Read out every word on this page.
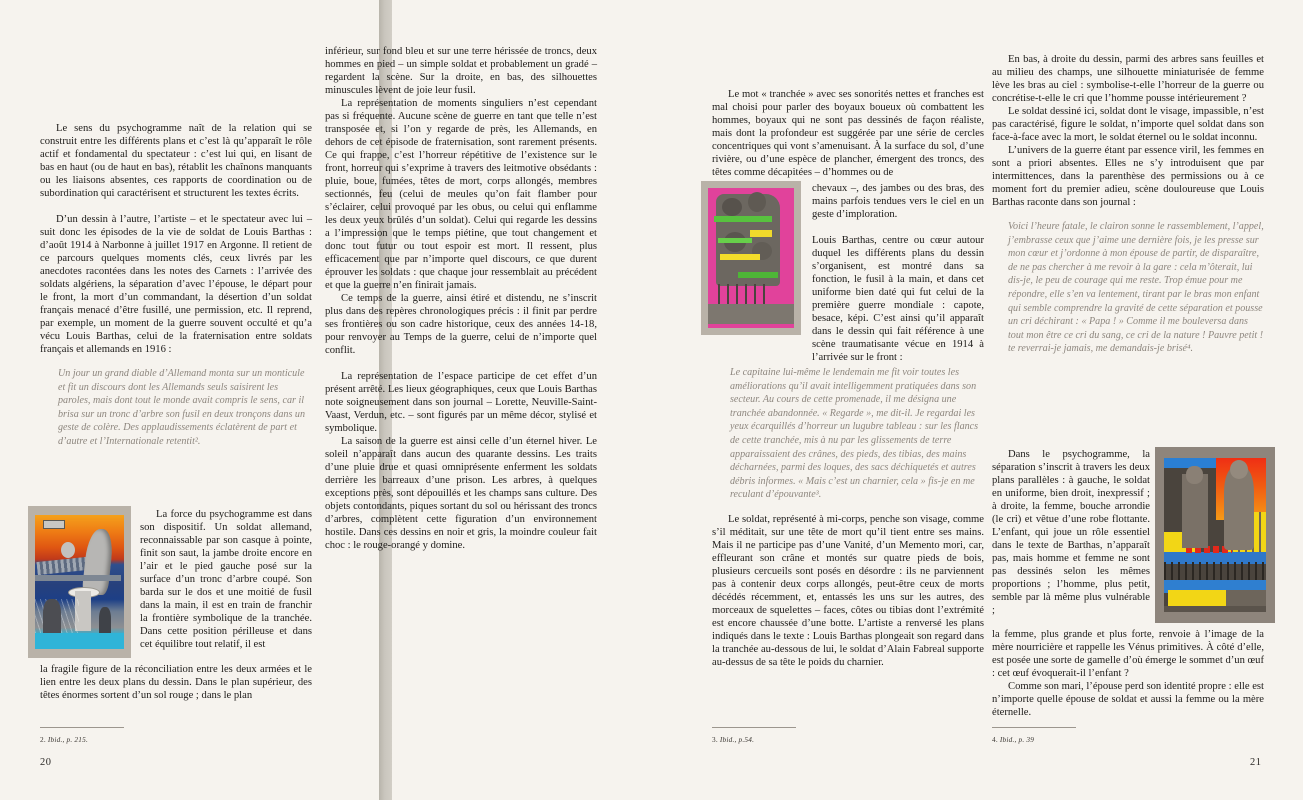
Le sens du psychogramme naît de la relation qui se construit entre les différents plans et c’est là qu’apparaît le rôle actif et fondamental du spectateur : c’est lui qui, en lisant de bas en haut (ou de haut en bas), rétablit les chaînons manquants ou les liaisons absentes, ces rapports de coordination ou de subordination qui caractérisent et structurent les textes écrits.

D’un dessin à l’autre, l’artiste – et le spectateur avec lui – suit donc les épisodes de la vie de soldat de Louis Barthas : d’août 1914 à Narbonne à juillet 1917 en Argonne. Il retient de ce parcours quelques moments clés, ceux livrés par les anecdotes racontées dans les notes des Carnets : l’arrivée des soldats algériens, la séparation d’avec l’épouse, le départ pour le front, la mort d’un commandant, la désertion d’un soldat français menacé d’être fusillé, une permission, etc. Il reprend, par exemple, un moment de la guerre souvent occulté et qu’a vécu Louis Barthas, celui de la fraternisation entre soldats français et allemands en 1916 :

Un jour un grand diable d’Allemand monta sur un monticule et fit un discours dont les Allemands seuls saisirent les paroles, mais dont tout le monde avait compris le sens, car il brisa sur un tronc d’arbre son fusil en deux tronçons dans un geste de colère. Des applaudissements éclatèrent de part et d’autre et l’Internationale retentit².

La force du psychogramme est dans son dispositif. Un soldat allemand, reconnaissable par son casque à pointe, finit son saut, la jambe droite encore en l’air et le pied gauche posé sur la surface d’un tronc d’arbre coupé. Son barda sur le dos et une moitié de fusil dans la main, il est en train de franchir la frontière symbolique de la tranchée. Dans cette position périlleuse et dans cet équilibre tout relatif, il est

la fragile figure de la réconciliation entre les deux armées et le lien entre les deux plans du dessin. Dans le plan supérieur, des têtes énormes sortent d’un sol rouge ; dans le plan

2. Ibid., p. 215.
20

inférieur, sur fond bleu et sur une terre hérissée de troncs, deux hommes en pied – un simple soldat et probablement un gradé – regardent la scène. Sur la droite, en bas, des silhouettes minuscules lèvent de joie leur fusil.

La représentation de moments singuliers n’est cependant pas si fréquente. Aucune scène de guerre en tant que telle n’est transposée et, si l’on y regarde de près, les Allemands, en dehors de cet épisode de fraternisation, sont rarement présents. Ce qui frappe, c’est l’horreur répétitive de l’existence sur le front, horreur qui s’exprime à travers des leitmotive obsédants : pluie, boue, fumées, têtes de mort, corps allongés, membres sectionnés, feu (celui de meules qu’on fait flamber pour s’éclairer, celui provoqué par les obus, ou celui qui enflamme les deux yeux brûlés d’un soldat). Celui qui regarde les dessins a l’impression que le temps piétine, que tout changement et donc tout futur ou tout espoir est mort. Il ressent, plus efficacement que par n’importe quel discours, ce que durent éprouver les soldats : que chaque jour ressemblait au précédent et que la guerre n’en finirait jamais.

Ce temps de la guerre, ainsi étiré et distendu, ne s’inscrit plus dans des repères chronologiques précis : il finit par perdre ses frontières ou son cadre historique, ceux des années 14-18, pour renvoyer au Temps de la guerre, celui de n’importe quel conflit.

La représentation de l’espace participe de cet effet d’un présent arrêté. Les lieux géographiques, ceux que Louis Barthas note soigneusement dans son journal – Lorette, Neuville-Saint-Vaast, Verdun, etc. – sont figurés par un même décor, stylisé et symbolique.

La saison de la guerre est ainsi celle d’un éternel hiver. Le soleil n’apparaît dans aucun des quarante dessins. Les traits d’une pluie drue et quasi omniprésente enferment les soldats derrière les barreaux d’une prison. Les arbres, à quelques exceptions près, sont dépouillés et les champs sans culture. Des objets contondants, piques sortant du sol ou hérissant des troncs d’arbres, complètent cette figuration d’un environnement hostile. Dans ces dessins en noir et gris, la moindre couleur fait choc : le rouge-orangé y domine.

Le mot « tranchée » avec ses sonorités nettes et franches est mal choisi pour parler des boyaux boueux où combattent les hommes, boyaux qui ne sont pas dessinés de façon réaliste, mais dont la profondeur est suggérée par une série de cercles concentriques qui vont s’amenuisant. À la surface du sol, d’une rivière, ou d’une espèce de plancher, émergent des troncs, des têtes comme décapitées – d’hommes ou de

chevaux –, des jambes ou des bras, des mains parfois tendues vers le ciel en un geste d’imploration.

Louis Barthas, centre ou cœur autour duquel les différents plans du dessin s’organisent, est montré dans sa fonction, le fusil à la main, et dans cet uniforme bien daté qui fut celui de la première guerre mondiale : capote, besace, képi. C’est ainsi qu’il apparaît dans le dessin qui fait référence à une scène traumatisante vécue en 1914 à l’arrivée sur le front :

Le capitaine lui-même le lendemain me fit voir toutes les améliorations qu’il avait intelligemment pratiquées dans son secteur. Au cours de cette promenade, il me désigna une tranchée abandonnée. « Regarde », me dit-il. Je regardai les yeux écarquillés d’horreur un lugubre tableau : sur les flancs de cette tranchée, mis à nu par les glissements de terre apparaissaient des crânes, des pieds, des tibias, des mains décharnées, parmi des loques, des sacs déchiquetés et autres débris informes. « Mais c’est un charnier, cela » fis-je en me reculant d’épouvante³.

Le soldat, représenté à mi-corps, penche son visage, comme s’il méditait, sur une tête de mort qu’il tient entre ses mains. Mais il ne participe pas d’une Vanité, d’un Memento mori, car, effleurant son crâne et montés sur quatre pieds de bois, plusieurs cercueils sont posés en désordre : ils ne parviennent pas à contenir deux corps allongés, peut-être ceux de morts décédés récemment, et, entassés les uns sur les autres, des morceaux de squelettes – faces, côtes ou tibias dont l’extrémité est encore chaussée d’une botte. L’artiste a renversé les plans indiqués dans le texte : Louis Barthas plongeait son regard dans la tranchée au-dessous de lui, le soldat d’Alain Fabreal supporte au-dessus de sa tête le poids du charnier.

3. Ibid., p.54.	4. Ibid., p. 39
21

En bas, à droite du dessin, parmi des arbres sans feuilles et au milieu des champs, une silhouette miniaturisée de femme lève les bras au ciel : symbolise-t-elle l’horreur de la guerre ou concrétise-t-elle le cri que l’homme pousse intérieurement ?

Le soldat dessiné ici, soldat dont le visage, impassible, n’est pas caractérisé, figure le soldat, n’importe quel soldat dans son face-à-face avec la mort, le soldat éternel ou le soldat inconnu.

L’univers de la guerre étant par essence viril, les femmes en sont a priori absentes. Elles ne s’y introduisent que par intermittences, dans la parenthèse des permissions ou à ce moment fort du premier adieu, scène douloureuse que Louis Barthas raconte dans son journal :

Voici l’heure fatale, le clairon sonne le rassemblement, l’appel, j’embrasse ceux que j’aime une dernière fois, je les presse sur mon cœur et j’ordonne à mon épouse de partir, de disparaître, de ne pas chercher à me revoir à la gare : cela m’ôterait, lui dis-je, le peu de courage qui me reste. Trop émue pour me répondre, elle s’en va lentement, tirant par le bras mon enfant qui semble comprendre la gravité de cette séparation et pousse un cri déchirant : « Papa ! » Comme il me bouleversa dans tout mon être ce cri du sang, ce cri de la nature ! Pauvre petit ! te reverrai-je jamais, me demandais-je brisé⁴.

Dans le psychogramme, la séparation s’inscrit à travers les deux plans parallèles : à gauche, le soldat en uniforme, bien droit, inexpressif ; à droite, la femme, bouche arrondie (le cri) et vêtue d’une robe flottante. L’enfant, qui joue un rôle essentiel dans le texte de Barthas, n’apparaît pas, mais homme et femme ne sont pas dessinés selon les mêmes proportions ; l’homme, plus petit, semble par là même plus vulnérable ;

la femme, plus grande et plus forte, renvoie à l’image de la mère nourricière et rappelle les Vénus primitives. À côté d’elle, est posée une sorte de gamelle d’où émerge le sommet d’un œuf : cet œuf évoquerait-il l’enfant ?

Comme son mari, l’épouse perd son identité propre : elle est n’importe quelle épouse de soldat et aussi la femme ou la mère éternelle.
